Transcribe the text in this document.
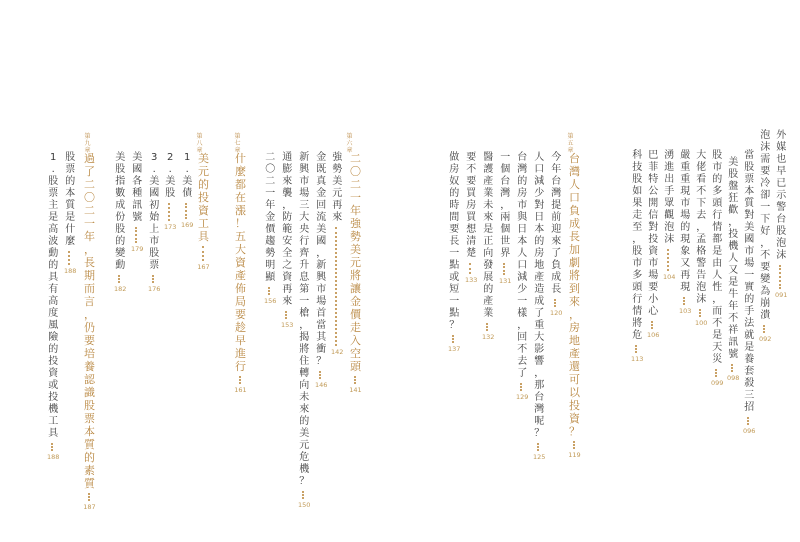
外
媒
也
早
已
示
警
台
股
泡
沫
091
泡
沫
需
要
冷
卻
一
下
好
，
不
要
變
為
崩
潰
092
當
股
票
本
質
對
美
國
市
場
一
實
的
手
法
就
是
養
套
殺
三
招
096
美
股
盤
狂
歡
，
投
機
人
又
是
牛
年
不
祥
訊
號
098
股
市
的
多
頭
行
情
都
是
由
人
性
，
而
不
是
天
災
099
大
佬
看
不
下
去
，
孟
格
警
告
泡
沫
100
嚴
重
重
現
市
場
的
現
象
又
再
現
103
湧
進
出
手
眾
觀
泡
沫
104
巴
菲
特
公
開
信
對
投
資
市
場
要
小
心
106
科
技
股
如
果
走
至
，
股
市
多
頭
行
情
將
危
113
第
五
章
台
灣
人
口
負
成
長
加
劇
將
到
來
，
房
地
產
還
可
以
投
資
？
119
今
年
台
灣
提
前
迎
來
了
負
成
長
120
人
口
減
少
對
日
本
的
房
地
產
造
成
了
重
大
影
響
，
那
台
灣
呢
？
125
台
灣
的
房
市
與
日
本
人
口
減
少
一
樣
，
回
不
去
了
129
一
個
台
灣
，
兩
個
世
界
131
醫
護
產
業
未
來
是
正
向
發
展
的
產
業
132
要
不
要
買
房
買
想
清
楚
133
做
房
奴
的
時
間
要
長
一
點
或
短
一
點
？
137
第
六
章
二
〇
二
一
年
強
勢
美
元
將
讓
金
價
走
入
空
頭
141
強
勢
美
元
再
來
142
金
既
真
金
回
流
美
國
，
新
興
市
場
首
當
其
衝
？
146
新
興
市
場
三
大
央
行
齊
升
息
第
一
槍
，
揭
將
住
轉
向
未
來
的
美
元
危
機
？
150
通
膨
來
襲
，
防
範
安
全
之
資
再
來
153
二
〇
二
一
年
金
價
趨
勢
明
顯
156
第
七
章
什
麼
都
在
漲
！
五
大
資
產
佈
局
要
趁
早
進
行
161
第
八
章
美
元
的
投
資
工
具
167
1
.
美
債
169
2
.
美
股
173
3
.
美
國
初
始
上
市
股
票
176
美
國
各
種
訊
號
179
美
股
指
數
成
份
股
的
變
動
182
第
九
章
過
了
二
〇
二
一
年
，
長
期
而
言
，
仍
要
培
養
認
識
股
票
本
質
的
素
質
187
股
票
的
本
質
是
什
麼
188
1
.
股
票
主
是
高
波
動
的
具
有
高
度
風
險
的
投
資
或
投
機
工
具
188
